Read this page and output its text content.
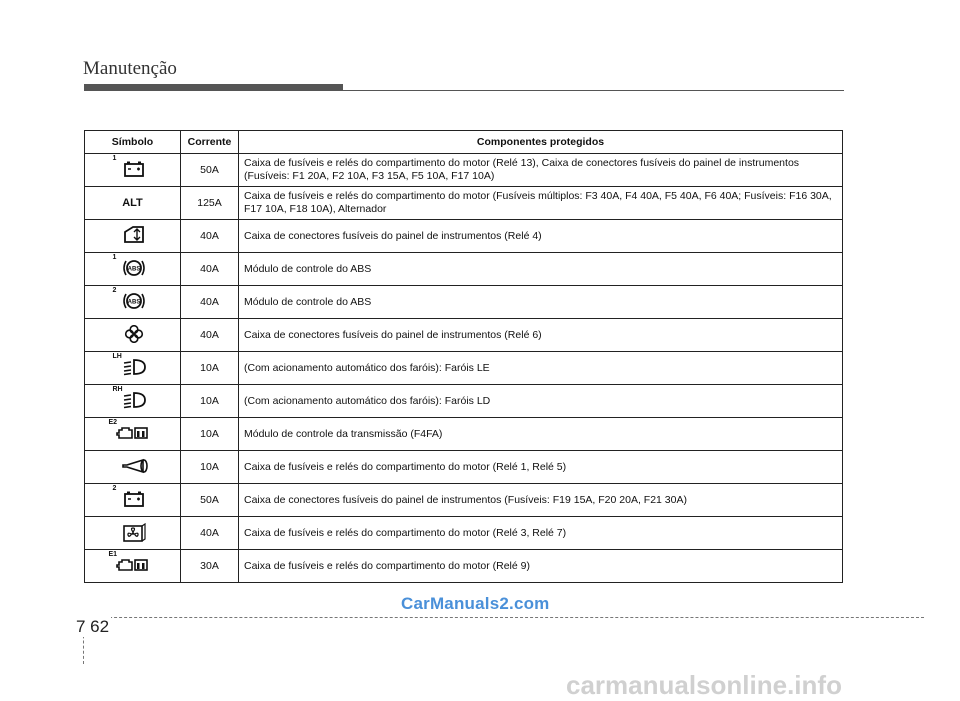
Manutenção
Símbolo	Corrente	Componentes protegidos

1	50A	Caixa de fusíveis e relés do compartimento do motor (Relé 13), Caixa de conectores fusíveis do painel de instrumentos (Fusíveis: F1 20A, F2 10A, F3 15A, F5 10A, F17 10A)
ALT	125A	Caixa de fusíveis e relés do compartimento do motor (Fusíveis múltiplos: F3 40A, F4 40A, F5 40A, F6 40A; Fusíveis: F16 30A, F17 10A, F18 10A), Alternador

	40A	Caixa de conectores fusíveis do painel de instrumentos (Relé 4)

1
ABS	40A	Módulo de controle do ABS

2
ABS	40A	Módulo de controle do ABS

	40A	Caixa de conectores fusíveis do painel de instrumentos (Relé 6)

LH	10A	(Com acionamento automático dos faróis): Faróis LE

RH	10A	(Com acionamento automático dos faróis): Faróis LD

E2	10A	Módulo de controle da transmissão (F4FA)

	10A	Caixa de fusíveis e relés do compartimento do motor (Relé 1, Relé 5)

2	50A	Caixa de conectores fusíveis do painel de instrumentos (Fusíveis: F19 15A, F20 20A, F21 30A)

	40A	Caixa de fusíveis e relés do compartimento do motor (Relé 3, Relé 7)

E1	30A	Caixa de fusíveis e relés do compartimento do motor (Relé 9)
CarManuals2.com
7 62
carmanualsonline.info
